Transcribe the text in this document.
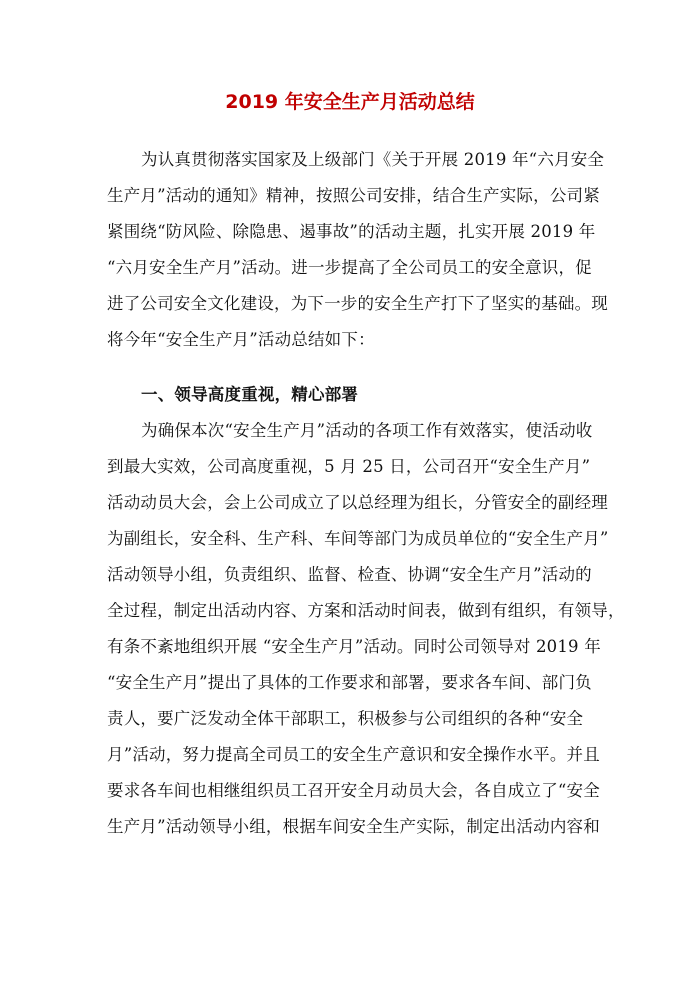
2019 年安全生产月活动总结
为认真贯彻落实国家及上级部门《关于开展 2019 年“六月安全
生产月”活动的通知》精神，按照公司安排，结合生产实际，公司紧
紧围绕“防风险、除隐患、遏事故”的活动主题，扎实开展 2019 年
“六月安全生产月”活动。进一步提高了全公司员工的安全意识，促
进了公司安全文化建设，为下一步的安全生产打下了坚实的基础。现
将今年“安全生产月”活动总结如下：
一、领导高度重视，精心部署
为确保本次“安全生产月”活动的各项工作有效落实，使活动收
到最大实效，公司高度重视，5 月 25 日，公司召开“安全生产月”
活动动员大会，会上公司成立了以总经理为组长，分管安全的副经理
为副组长，安全科、生产科、车间等部门为成员单位的“安全生产月”
活动领导小组，负责组织、监督、检查、协调“安全生产月”活动的
全过程，制定出活动内容、方案和活动时间表，做到有组织，有领导，
有条不紊地组织开展 “安全生产月”活动。同时公司领导对 2019 年
“安全生产月”提出了具体的工作要求和部署，要求各车间、部门负
责人，要广泛发动全体干部职工，积极参与公司组织的各种“安全
月”活动，努力提高全司员工的安全生产意识和安全操作水平。并且
要求各车间也相继组织员工召开安全月动员大会，各自成立了“安全
生产月”活动领导小组，根据车间安全生产实际，制定出活动内容和
